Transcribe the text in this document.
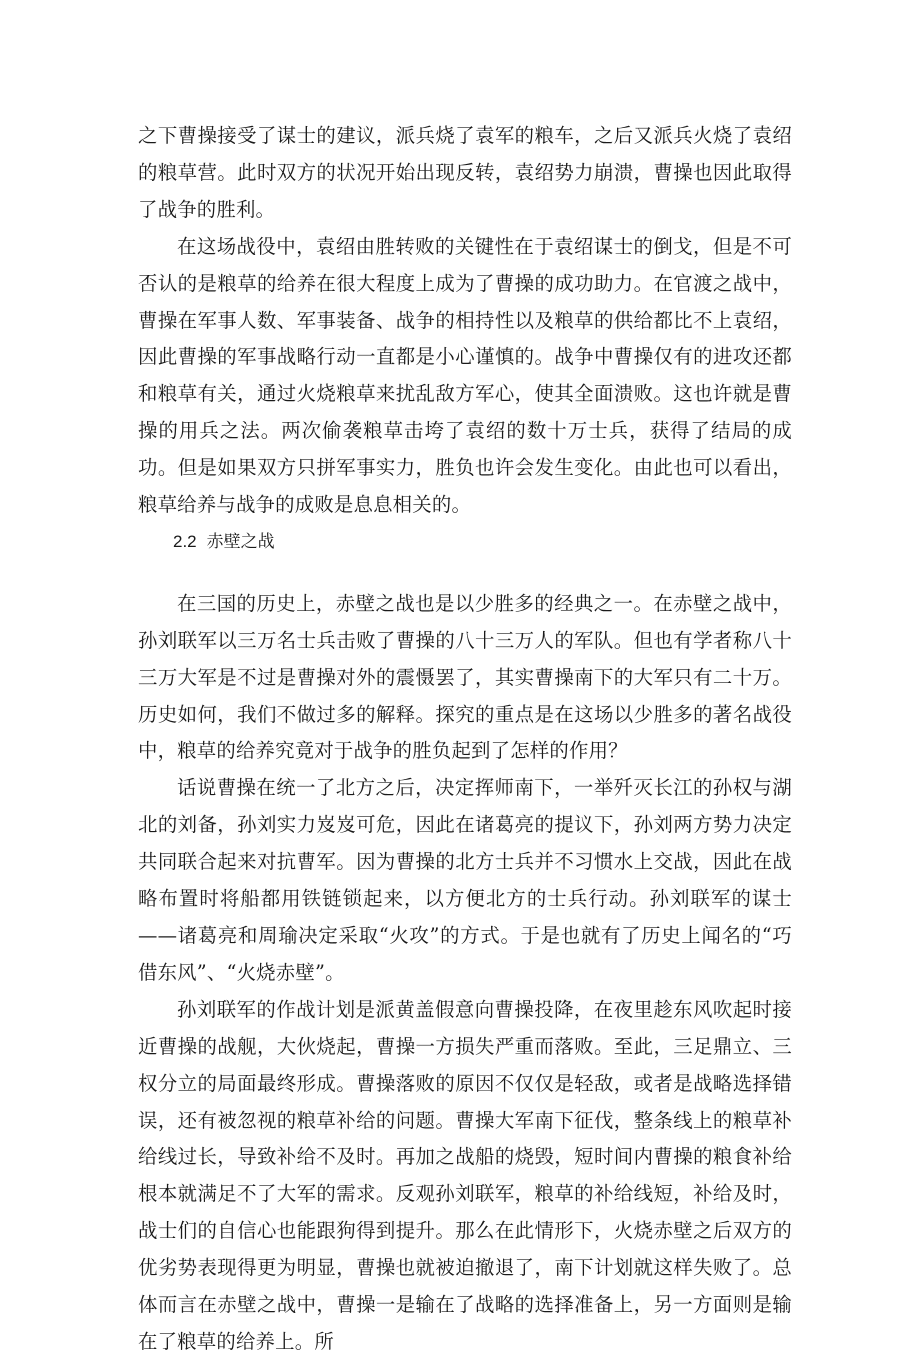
之下曹操接受了谋士的建议，派兵烧了袁军的粮车，之后又派兵火烧了袁绍的粮草营。此时双方的状况开始出现反转，袁绍势力崩溃，曹操也因此取得了战争的胜利。

在这场战役中，袁绍由胜转败的关键性在于袁绍谋士的倒戈，但是不可否认的是粮草的给养在很大程度上成为了曹操的成功助力。在官渡之战中，曹操在军事人数、军事装备、战争的相持性以及粮草的供给都比不上袁绍，因此曹操的军事战略行动一直都是小心谨慎的。战争中曹操仅有的进攻还都和粮草有关，通过火烧粮草来扰乱敌方军心，使其全面溃败。这也许就是曹操的用兵之法。两次偷袭粮草击垮了袁绍的数十万士兵，获得了结局的成功。但是如果双方只拼军事实力，胜负也许会发生变化。由此也可以看出，粮草给养与战争的成败是息息相关的。

2.2 赤壁之战

在三国的历史上，赤壁之战也是以少胜多的经典之一。在赤壁之战中，孙刘联军以三万名士兵击败了曹操的八十三万人的军队。但也有学者称八十三万大军是不过是曹操对外的震慑罢了，其实曹操南下的大军只有二十万。历史如何，我们不做过多的解释。探究的重点是在这场以少胜多的著名战役中，粮草的给养究竟对于战争的胜负起到了怎样的作用？

话说曹操在统一了北方之后，决定挥师南下，一举歼灭长江的孙权与湖北的刘备，孙刘实力岌岌可危，因此在诸葛亮的提议下，孙刘两方势力决定共同联合起来对抗曹军。因为曹操的北方士兵并不习惯水上交战，因此在战略布置时将船都用铁链锁起来，以方便北方的士兵行动。孙刘联军的谋士——诸葛亮和周瑜决定采取“火攻”的方式。于是也就有了历史上闻名的“巧借东风”、“火烧赤壁”。

孙刘联军的作战计划是派黄盖假意向曹操投降，在夜里趁东风吹起时接近曹操的战舰，大伙烧起，曹操一方损失严重而落败。至此，三足鼎立、三权分立的局面最终形成。曹操落败的原因不仅仅是轻敌，或者是战略选择错误，还有被忽视的粮草补给的问题。曹操大军南下征伐，整条线上的粮草补给线过长，导致补给不及时。再加之战船的烧毁，短时间内曹操的粮食补给根本就满足不了大军的需求。反观孙刘联军，粮草的补给线短，补给及时，战士们的自信心也能跟狗得到提升。那么在此情形下，火烧赤壁之后双方的优劣势表现得更为明显，曹操也就被迫撤退了，南下计划就这样失败了。总体而言在赤壁之战中，曹操一是输在了战略的选择准备上，另一方面则是输在了粮草的给养上。所
